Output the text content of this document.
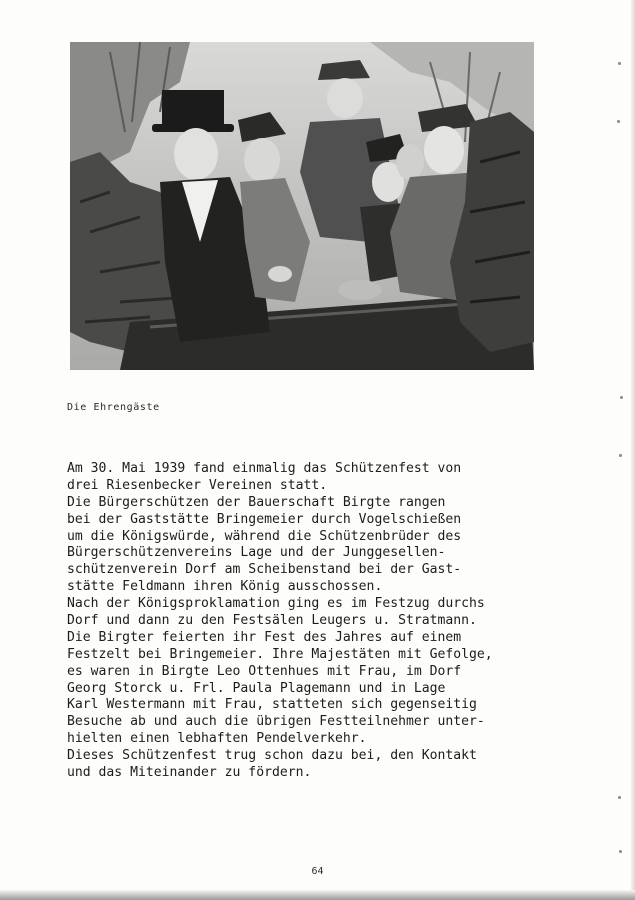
Die Ehrengäste

Am 30. Mai 1939 fand einmalig das Schützenfest von
drei Riesenbecker Vereinen statt.
Die Bürgerschützen der Bauerschaft Birgte rangen
bei der Gaststätte Bringemeier durch Vogelschießen
um die Königswürde, während die Schützenbrüder des
Bürgerschützenvereins Lage und der Junggesellen-
schützenverein Dorf am Scheibenstand bei der Gast-
stätte Feldmann ihren König ausschossen.
Nach der Königsproklamation ging es im Festzug durchs
Dorf und dann zu den Festsälen Leugers u. Stratmann.
Die Birgter feierten ihr Fest des Jahres auf einem
Festzelt bei Bringemeier. Ihre Majestäten mit Gefolge,
es waren in Birgte Leo Ottenhues mit Frau, im Dorf
Georg Storck u. Frl. Paula Plagemann und in Lage
Karl Westermann mit Frau, statteten sich gegenseitig
Besuche ab und auch die übrigen Festteilnehmer unter-
hielten einen lebhaften Pendelverkehr.
Dieses Schützenfest trug schon dazu bei, den Kontakt
und das Miteinander zu fördern.

64
